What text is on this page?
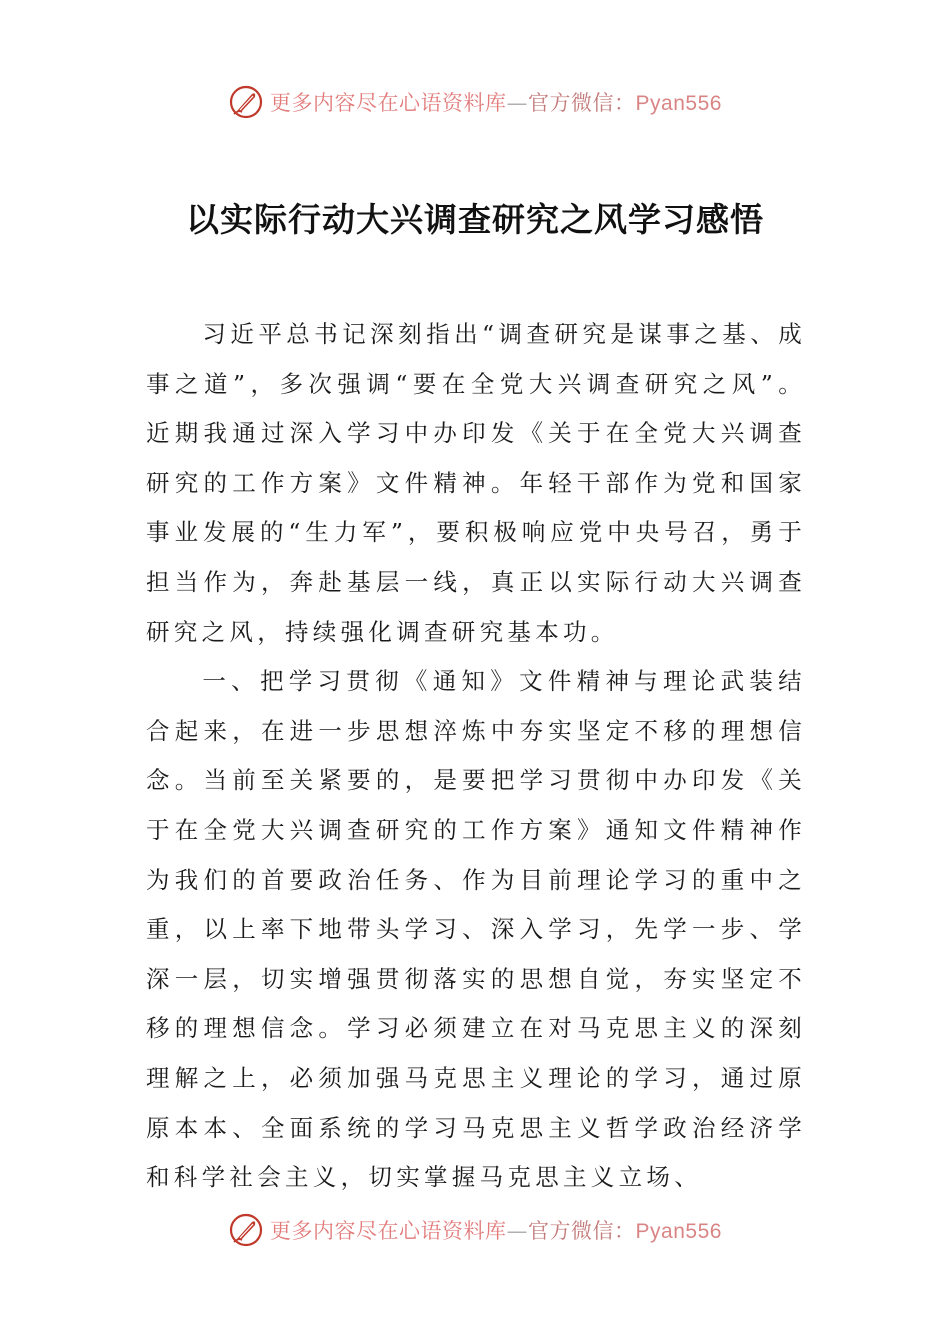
更多内容尽在心语资料库—官方微信：Pyan556
以实际行动大兴调查研究之风学习感悟

习近平总书记深刻指出“调查研究是谋事之基、成事之道”，多次强调“要在全党大兴调查研究之风”。近期我通过深入学习中办印发《关于在全党大兴调查研究的工作方案》文件精神。年轻干部作为党和国家事业发展的“生力军”，要积极响应党中央号召，勇于担当作为，奔赴基层一线，真正以实际行动大兴调查研究之风，持续强化调查研究基本功。

一、把学习贯彻《通知》文件精神与理论武装结合起来，在进一步思想淬炼中夯实坚定不移的理想信念。当前至关紧要的，是要把学习贯彻中办印发《关于在全党大兴调查研究的工作方案》通知文件精神作为我们的首要政治任务、作为目前理论学习的重中之重，以上率下地带头学习、深入学习，先学一步、学深一层，切实增强贯彻落实的思想自觉，夯实坚定不移的理想信念。学习必须建立在对马克思主义的深刻理解之上，必须加强马克思主义理论的学习，通过原原本本、全面系统的学习马克思主义哲学政治经济学和科学社会主义，切实掌握马克思主义立场、

更多内容尽在心语资料库—官方微信：Pyan556
